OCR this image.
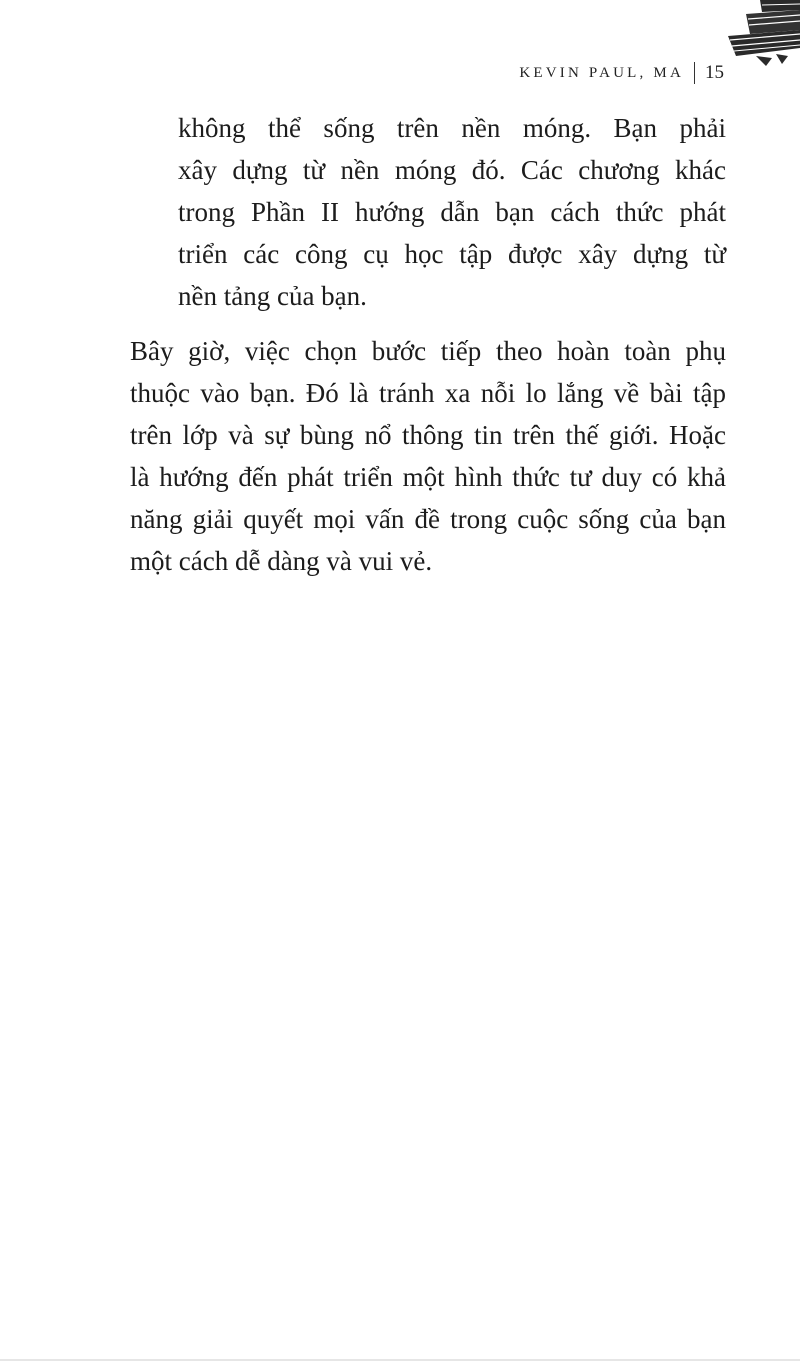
KEVIN PAUL, MA 15

không thể sống trên nền móng. Bạn phải
xây dựng từ nền móng đó. Các chương khác
trong Phần II hướng dẫn bạn cách thức phát
triển các công cụ học tập được xây dựng từ
nền tảng của bạn.

Bây giờ, việc chọn bước tiếp theo hoàn toàn phụ
thuộc vào bạn. Đó là tránh xa nỗi lo lắng về bài tập
trên lớp và sự bùng nổ thông tin trên thế giới. Hoặc
là hướng đến phát triển một hình thức tư duy có khả
năng giải quyết mọi vấn đề trong cuộc sống của bạn
một cách dễ dàng và vui vẻ.
